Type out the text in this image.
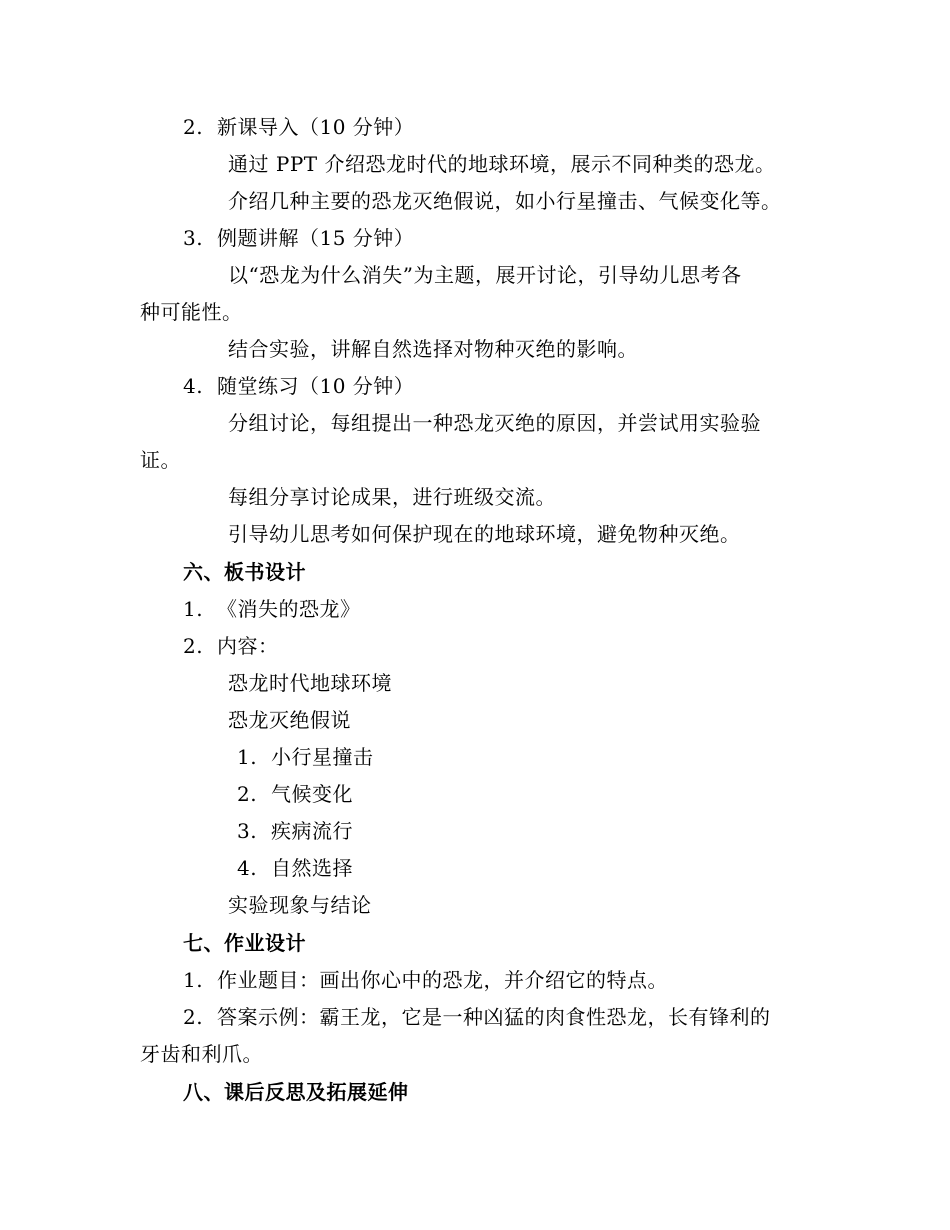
2. 新课导入（10 分钟）
通过 PPT 介绍恐龙时代的地球环境，展示不同种类的恐龙。
介绍几种主要的恐龙灭绝假说，如小行星撞击、气候变化等。
3. 例题讲解（15 分钟）
以“恐龙为什么消失”为主题，展开讨论，引导幼儿思考各
种可能性。
结合实验，讲解自然选择对物种灭绝的影响。
4. 随堂练习（10 分钟）
分组讨论，每组提出一种恐龙灭绝的原因，并尝试用实验验
证。
每组分享讨论成果，进行班级交流。
引导幼儿思考如何保护现在的地球环境，避免物种灭绝。
六、板书设计
1. 《消失的恐龙》
2. 内容：
恐龙时代地球环境
恐龙灭绝假说
1. 小行星撞击
2. 气候变化
3. 疾病流行
4. 自然选择
实验现象与结论
七、作业设计
1. 作业题目：画出你心中的恐龙，并介绍它的特点。
2. 答案示例：霸王龙，它是一种凶猛的肉食性恐龙，长有锋利的
牙齿和利爪。
八、课后反思及拓展延伸
